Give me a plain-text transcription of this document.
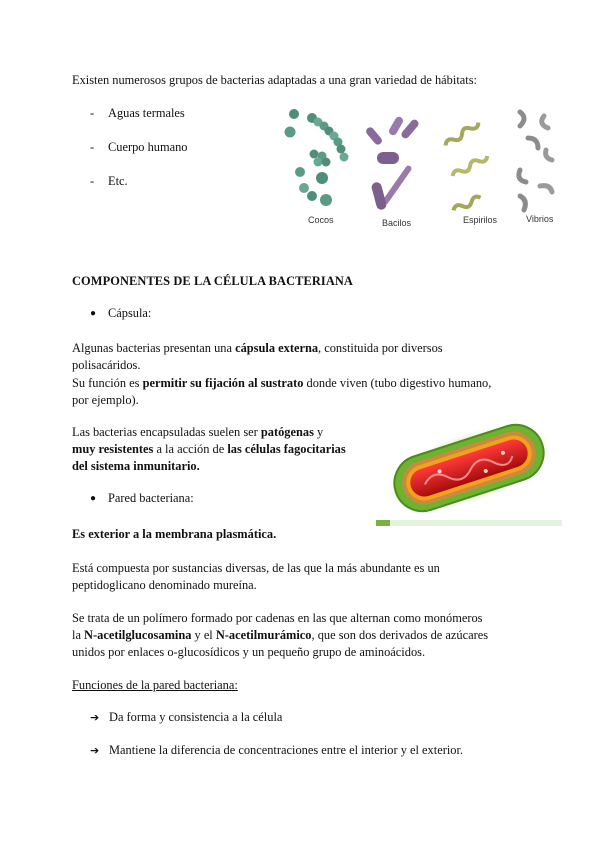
Existen numerosos grupos de bacterias adaptadas a una gran variedad de hábitats:
- Aguas termales
- Cuerpo humano
- Etc.
Cocos	Bacilos	Espirilos	Vibrios
COMPONENTES DE LA CÉLULA BACTERIANA
● Cápsula:
Algunas bacterias presentan una cápsula externa, constituida por diversos
polisacáridos.
Su función es permitir su fijación al sustrato donde viven (tubo digestivo humano,
por ejemplo).
Las bacterias encapsuladas suelen ser patógenas y
muy resistentes a la acción de las células fagocitarias
del sistema inmunitario.
● Pared bacteriana:
Es exterior a la membrana plasmática.
Está compuesta por sustancias diversas, de las que la más abundante es un
peptidoglicano denominado mureína.
Se trata de un polímero formado por cadenas en las que alternan como monómeros
la N-acetilglucosamina y el N-acetilmurámico, que son dos derivados de azúcares
unidos por enlaces o-glucosídicos y un pequeño grupo de aminoácidos.
Funciones de la pared bacteriana:
➔ Da forma y consistencia a la célula
➔ Mantiene la diferencia de concentraciones entre el interior y el exterior.
